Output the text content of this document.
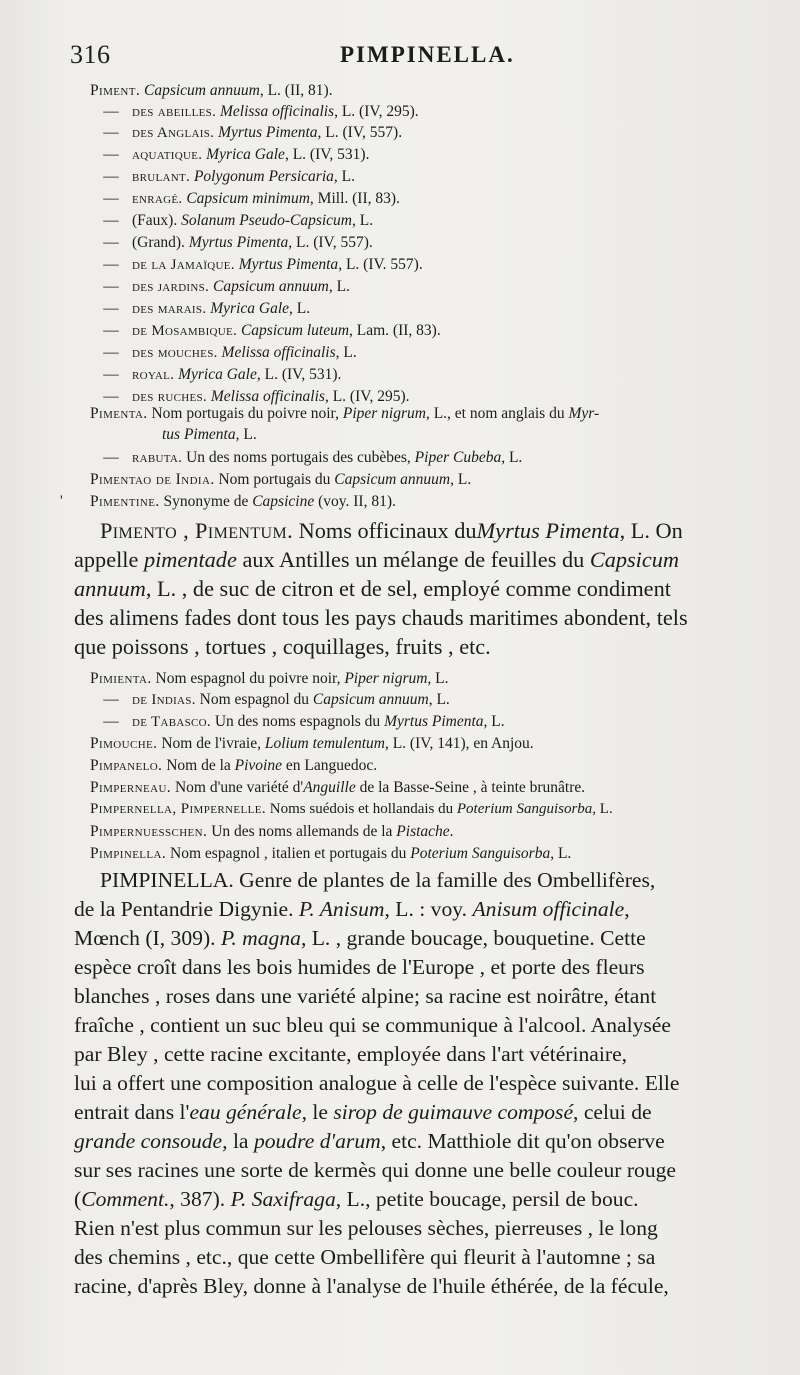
316	PIMPINELLA.
Piment. Capsicum annuum, L. (II, 81).
— des abeilles. Melissa officinalis, L. (IV, 295).
— des Anglais. Myrtus Pimenta, L. (IV, 557).
— aquatique. Myrica Gale, L. (IV, 531).
— brulant. Polygonum Persicaria, L.
— enragé. Capsicum minimum, Mill. (II, 83).
— (Faux). Solanum Pseudo-Capsicum, L.
— (Grand). Myrtus Pimenta, L. (IV, 557).
— de la Jamaïque. Myrtus Pimenta, L. (IV. 557).
— des jardins. Capsicum annuum, L.
— des marais. Myrica Gale, L.
— de Mosambique. Capsicum luteum, Lam. (II, 83).
— des mouches. Melissa officinalis, L.
— royal. Myrica Gale, L. (IV, 531).
— des ruches. Melissa officinalis, L. (IV, 295).
Pimenta. Nom portugais du poivre noir, Piper nigrum, L., et nom anglais du Myr-
tus Pimenta, L.
— rabuta. Un des noms portugais des cubèbes, Piper Cubeba, L.
Pimentao de India. Nom portugais du Capsicum annuum, L.
' Pimentine. Synonyme de Capsicine (voy. II, 81).
Pimento , Pimentum. Noms officinaux duMyrtus Pimenta, L. On
appelle pimentade aux Antilles un mélange de feuilles du Capsicum
annuum, L. , de suc de citron et de sel, employé comme condiment
des alimens fades dont tous les pays chauds maritimes abondent, tels
que poissons , tortues , coquillages, fruits , etc.
Pimienta. Nom espagnol du poivre noir, Piper nigrum, L.
— de Indias. Nom espagnol du Capsicum annuum, L.
— de Tabasco. Un des noms espagnols du Myrtus Pimenta, L.
Pimouche. Nom de l'ivraie, Lolium temulentum, L. (IV, 141), en Anjou.
Pimpanelo. Nom de la Pivoine en Languedoc.
Pimperneau. Nom d'une variété d'Anguille de la Basse-Seine , à teinte brunâtre.
Pimpernella, Pimpernelle. Noms suédois et hollandais du Poterium Sanguisorba, L.
Pimpernuesschen. Un des noms allemands de la Pistache.
Pimpinella. Nom espagnol , italien et portugais du Poterium Sanguisorba, L.
PIMPINELLA. Genre de plantes de la famille des Ombellifères,
de la Pentandrie Digynie. P. Anisum, L. : voy. Anisum officinale,
Mœnch (I, 309). P. magna, L. , grande boucage, bouquetine. Cette
espèce croît dans les bois humides de l'Europe , et porte des fleurs
blanches , roses dans une variété alpine; sa racine est noirâtre, étant
fraîche , contient un suc bleu qui se communique à l'alcool. Analysée
par Bley , cette racine excitante, employée dans l'art vétérinaire,
lui a offert une composition analogue à celle de l'espèce suivante. Elle
entrait dans l'eau générale, le sirop de guimauve composé, celui de
grande consoude, la poudre d'arum, etc. Matthiole dit qu'on observe
sur ses racines une sorte de kermès qui donne une belle couleur rouge
(Comment., 387). P. Saxifraga, L., petite boucage, persil de bouc.
Rien n'est plus commun sur les pelouses sèches, pierreuses , le long
des chemins , etc., que cette Ombellifère qui fleurit à l'automne ; sa
racine, d'après Bley, donne à l'analyse de l'huile éthérée, de la fécule,
